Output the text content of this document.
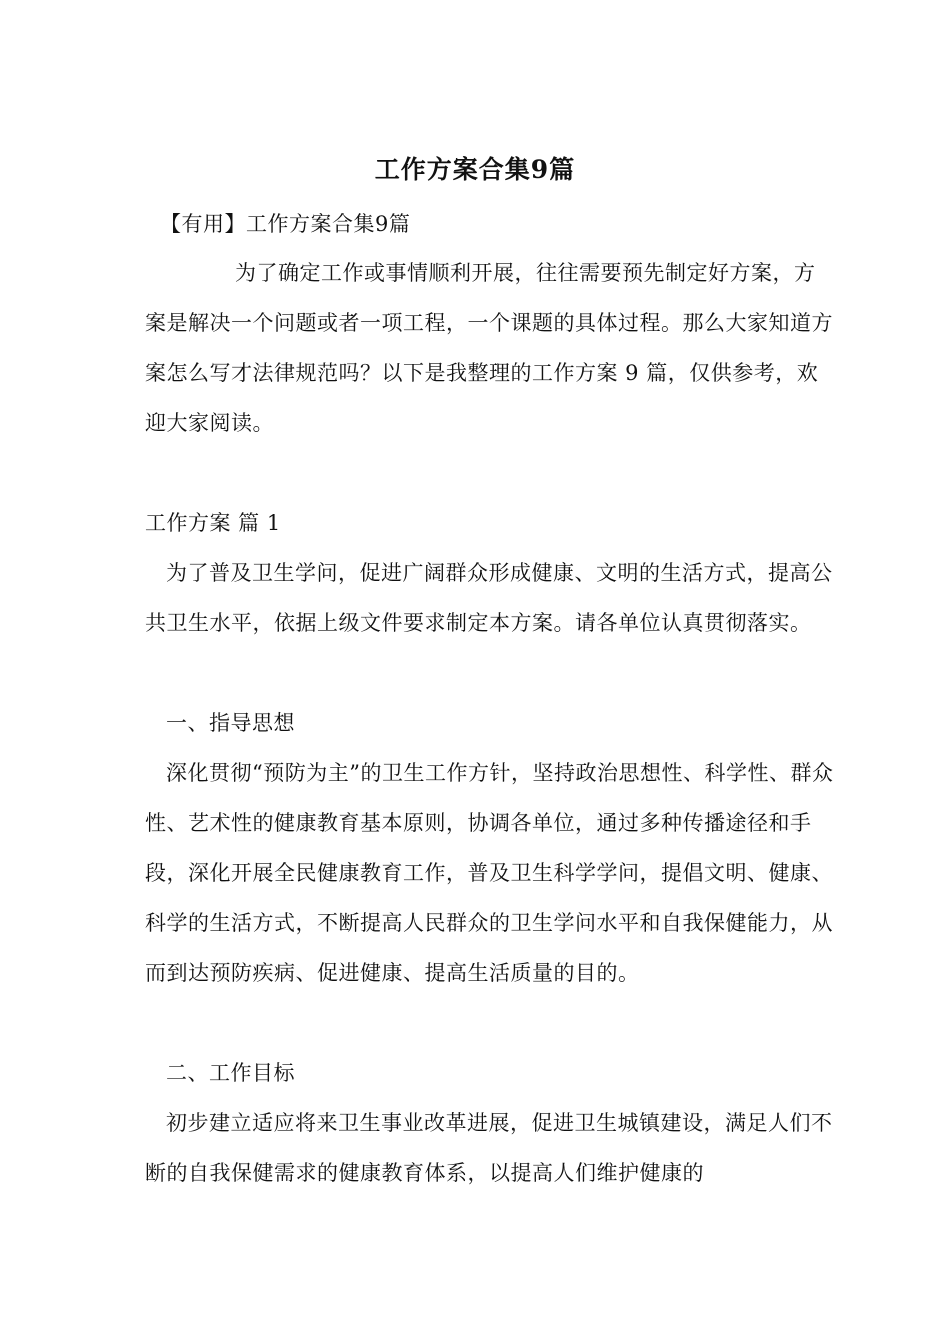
工作方案合集9篇
【有用】工作方案合集9篇
为了确定工作或事情顺利开展，往往需要预先制定好方案，方案是解决一个问题或者一项工程，一个课题的具体过程。那么大家知道方案怎么写才法律规范吗？以下是我整理的工作方案 9 篇，仅供参考，欢迎大家阅读。
工作方案 篇 1
为了普及卫生学问，促进广阔群众形成健康、文明的生活方式，提高公共卫生水平，依据上级文件要求制定本方案。请各单位认真贯彻落实。
一、指导思想
深化贯彻“预防为主”的卫生工作方针，坚持政治思想性、科学性、群众性、艺术性的健康教育基本原则，协调各单位，通过多种传播途径和手段，深化开展全民健康教育工作，普及卫生科学学问，提倡文明、健康、科学的生活方式，不断提高人民群众的卫生学问水平和自我保健能力，从而到达预防疾病、促进健康、提高生活质量的目的。
二、工作目标
初步建立适应将来卫生事业改革进展，促进卫生城镇建设，满足人们不断的自我保健需求的健康教育体系，以提高人们维护健康的
